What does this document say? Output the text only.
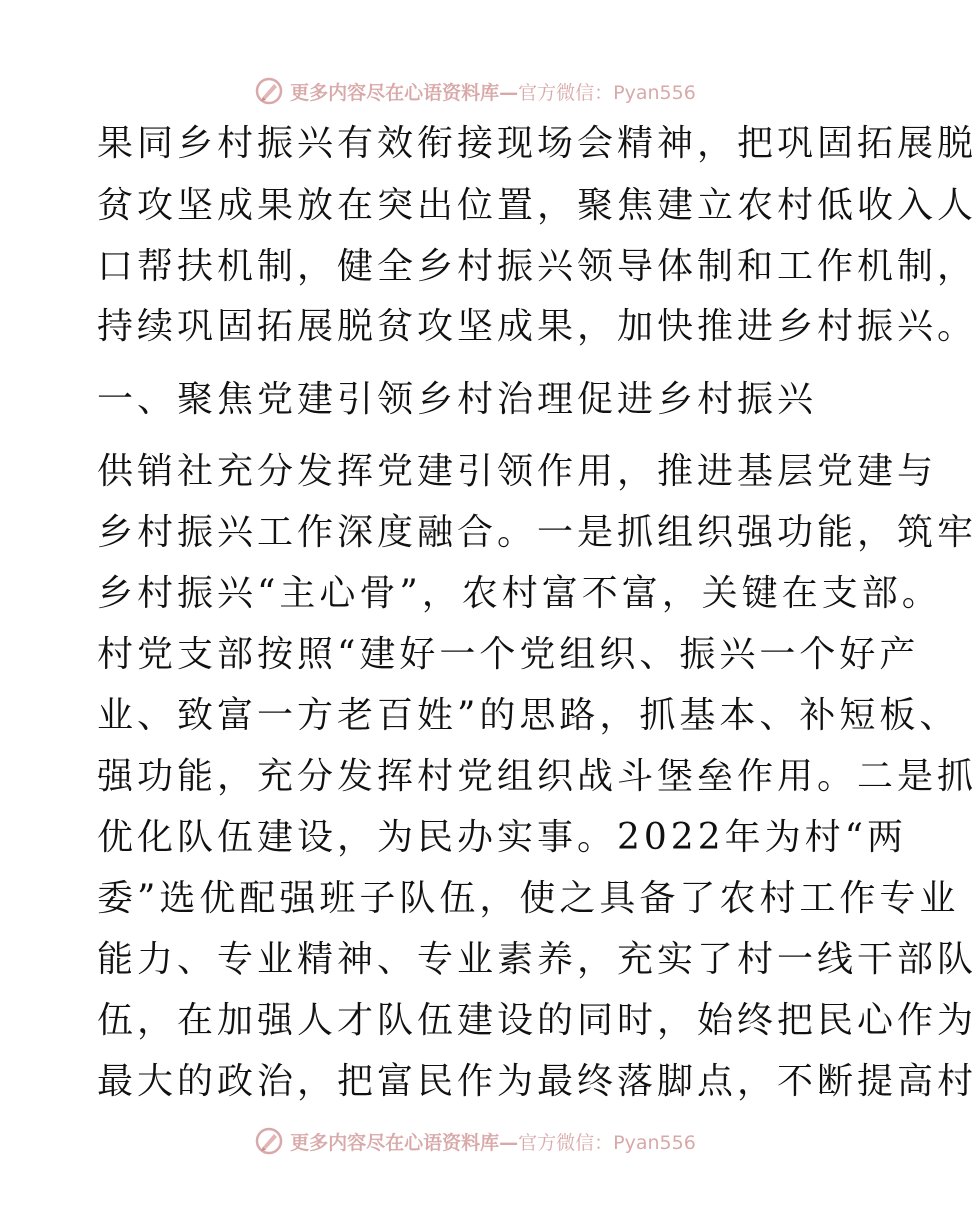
更多内容尽在心语资料库— 官方微信：Pyan556
果同乡村振兴有效衔接现场会精神，把巩固拓展脱
贫攻坚成果放在突出位置，聚焦建立农村低收入人
口帮扶机制，健全乡村振兴领导体制和工作机制，
持续巩固拓展脱贫攻坚成果，加快推进乡村振兴。
一、聚焦党建引领乡村治理促进乡村振兴
供销社充分发挥党建引领作用，推进基层党建与
乡村振兴工作深度融合。一是抓组织强功能，筑牢
乡村振兴“主心骨”，农村富不富，关键在支部。
村党支部按照“建好一个党组织、振兴一个好产
业、致富一方老百姓”的思路，抓基本、补短板、
强功能，充分发挥村党组织战斗堡垒作用。二是抓
优化队伍建设，为民办实事。2022年为村“两
委”选优配强班子队伍，使之具备了农村工作专业
能力、专业精神、专业素养，充实了村一线干部队
伍，在加强人才队伍建设的同时，始终把民心作为
最大的政治，把富民作为最终落脚点，不断提高村
更多内容尽在心语资料库— 官方微信：Pyan556
